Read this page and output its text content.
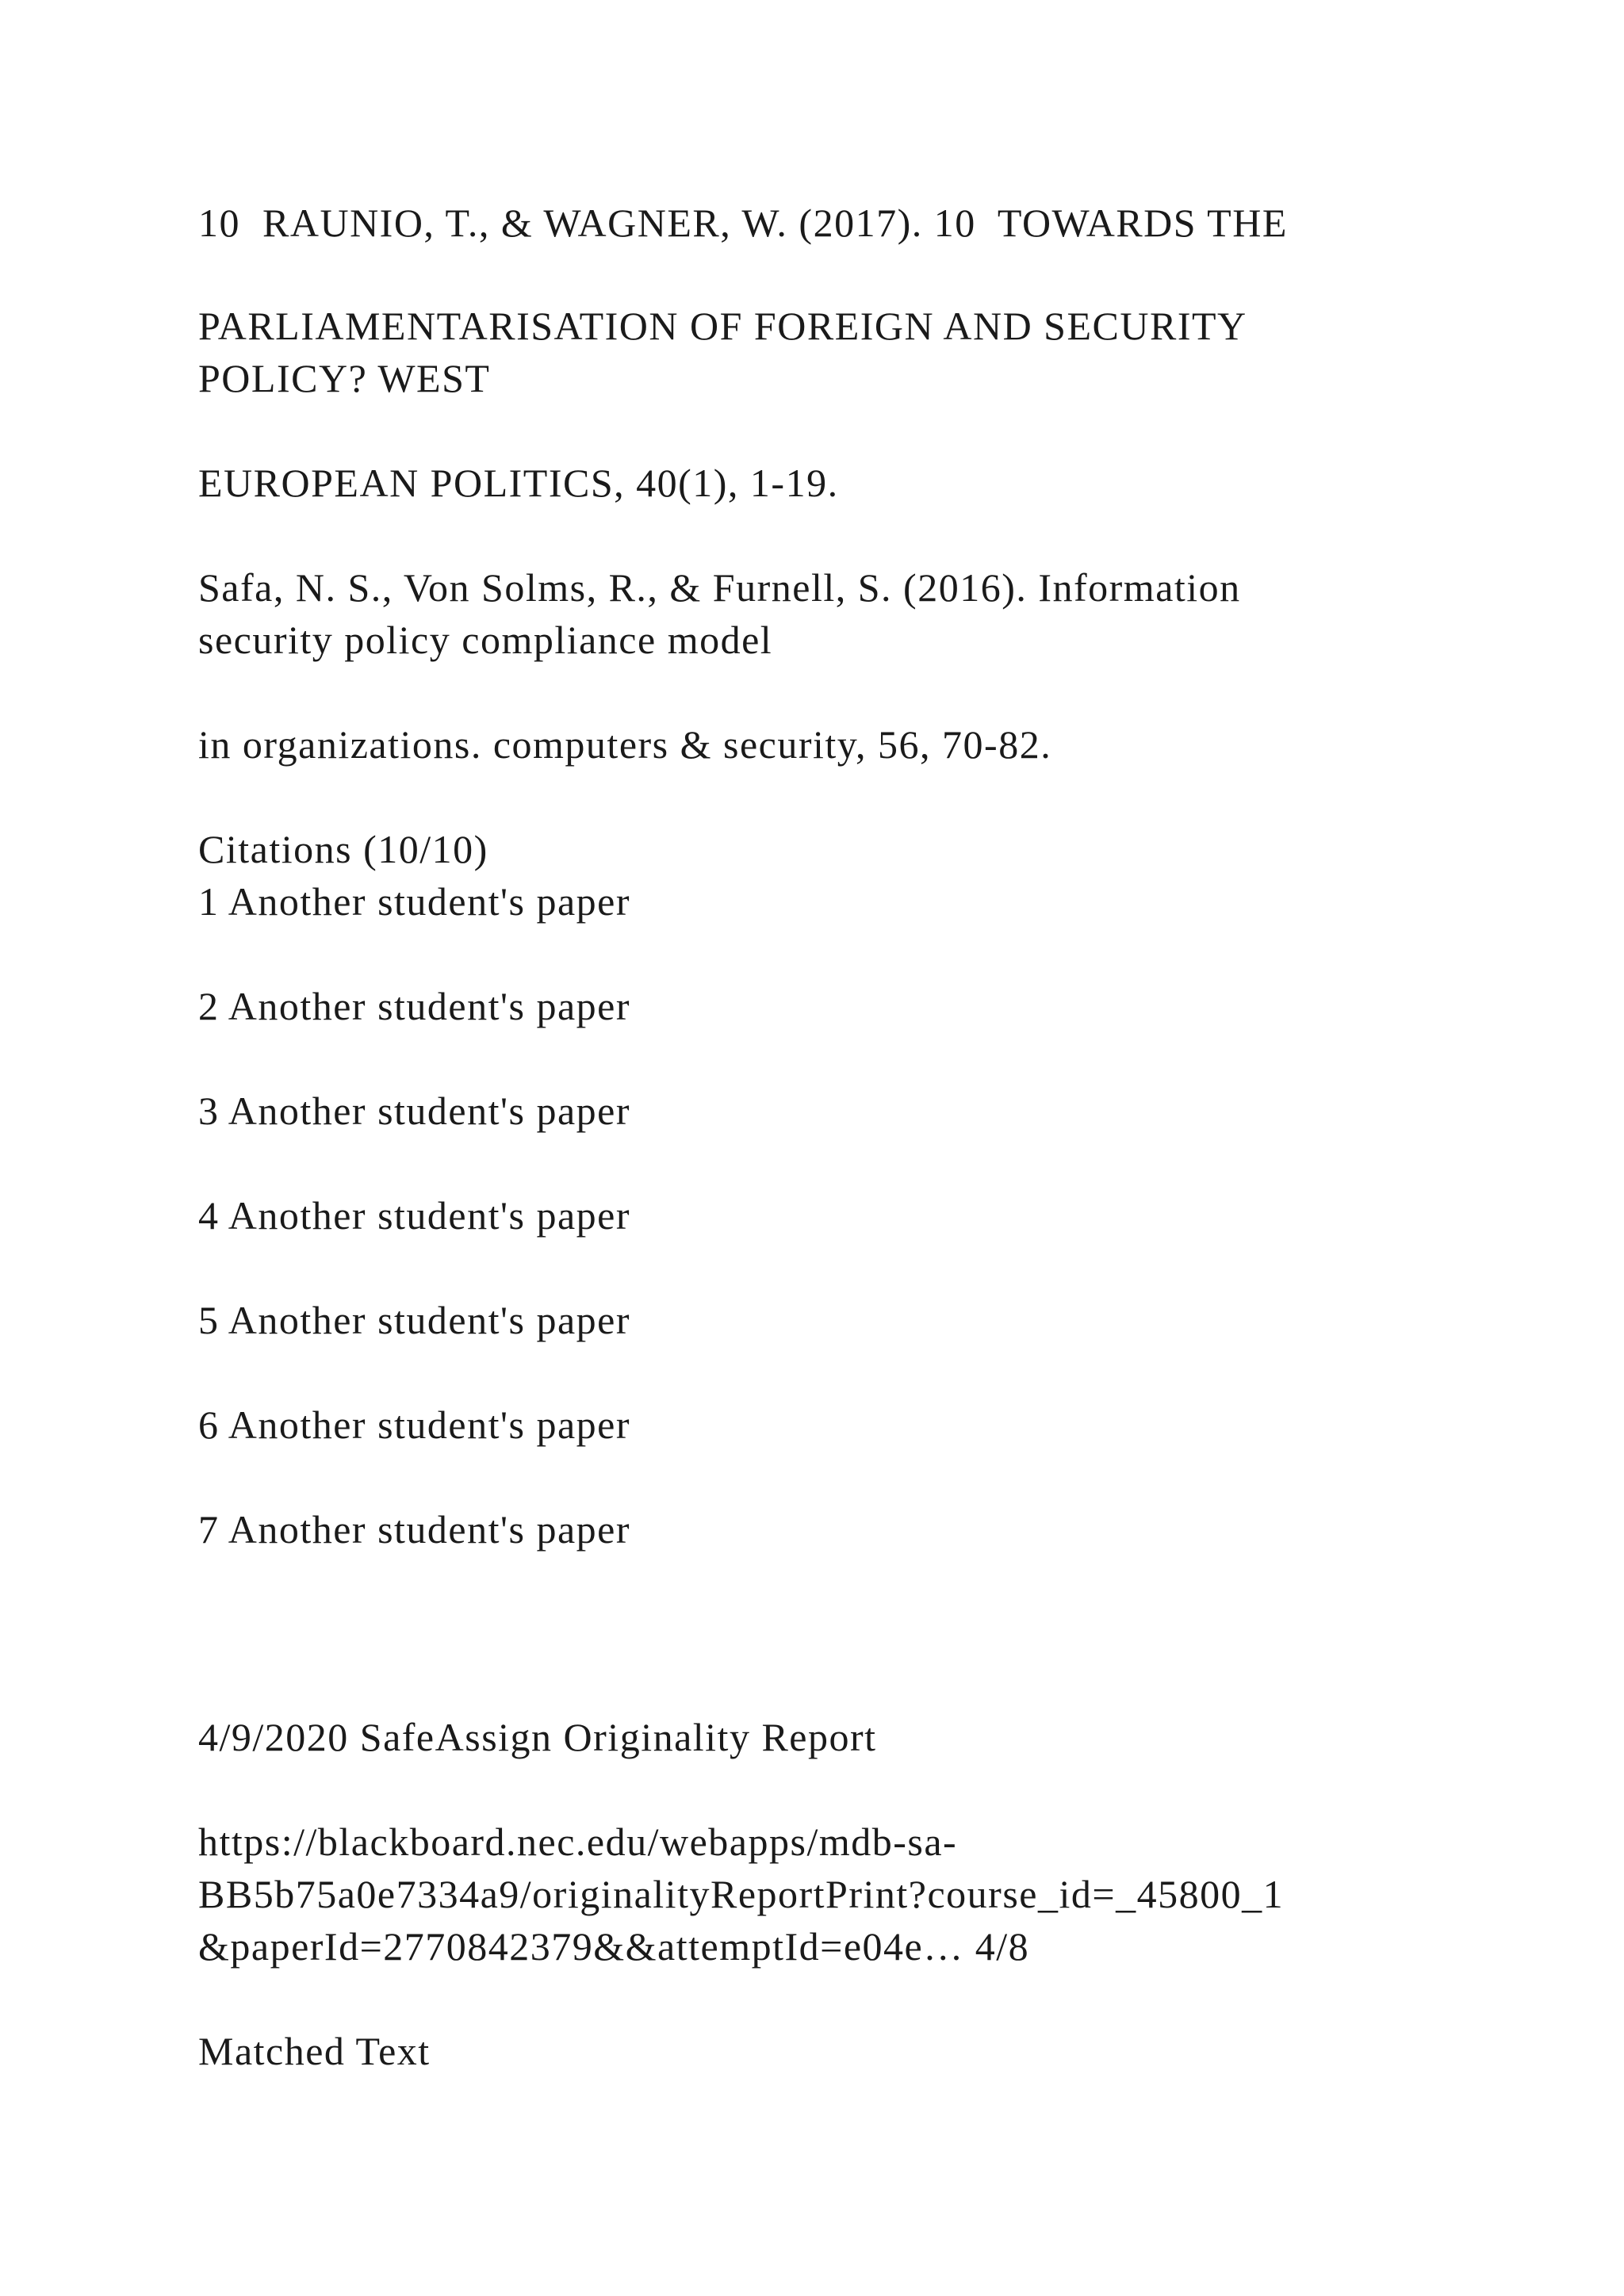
10  RAUNIO, T., & WAGNER, W. (2017). 10  TOWARDS THE
PARLIAMENTARISATION OF FOREIGN AND SECURITY
POLICY? WEST
EUROPEAN POLITICS, 40(1), 1-19.
Safa, N. S., Von Solms, R., & Furnell, S. (2016). Information
security policy compliance model
in organizations. computers & security, 56, 70-82.
Citations (10/10)
1 Another student's paper
2 Another student's paper
3 Another student's paper
4 Another student's paper
5 Another student's paper
6 Another student's paper
7 Another student's paper
4/9/2020 SafeAssign Originality Report
https://blackboard.nec.edu/webapps/mdb-sa-
BB5b75a0e7334a9/originalityReportPrint?course_id=_45800_1
&paperId=2770842379&&attemptId=e04e… 4/8
Matched Text
